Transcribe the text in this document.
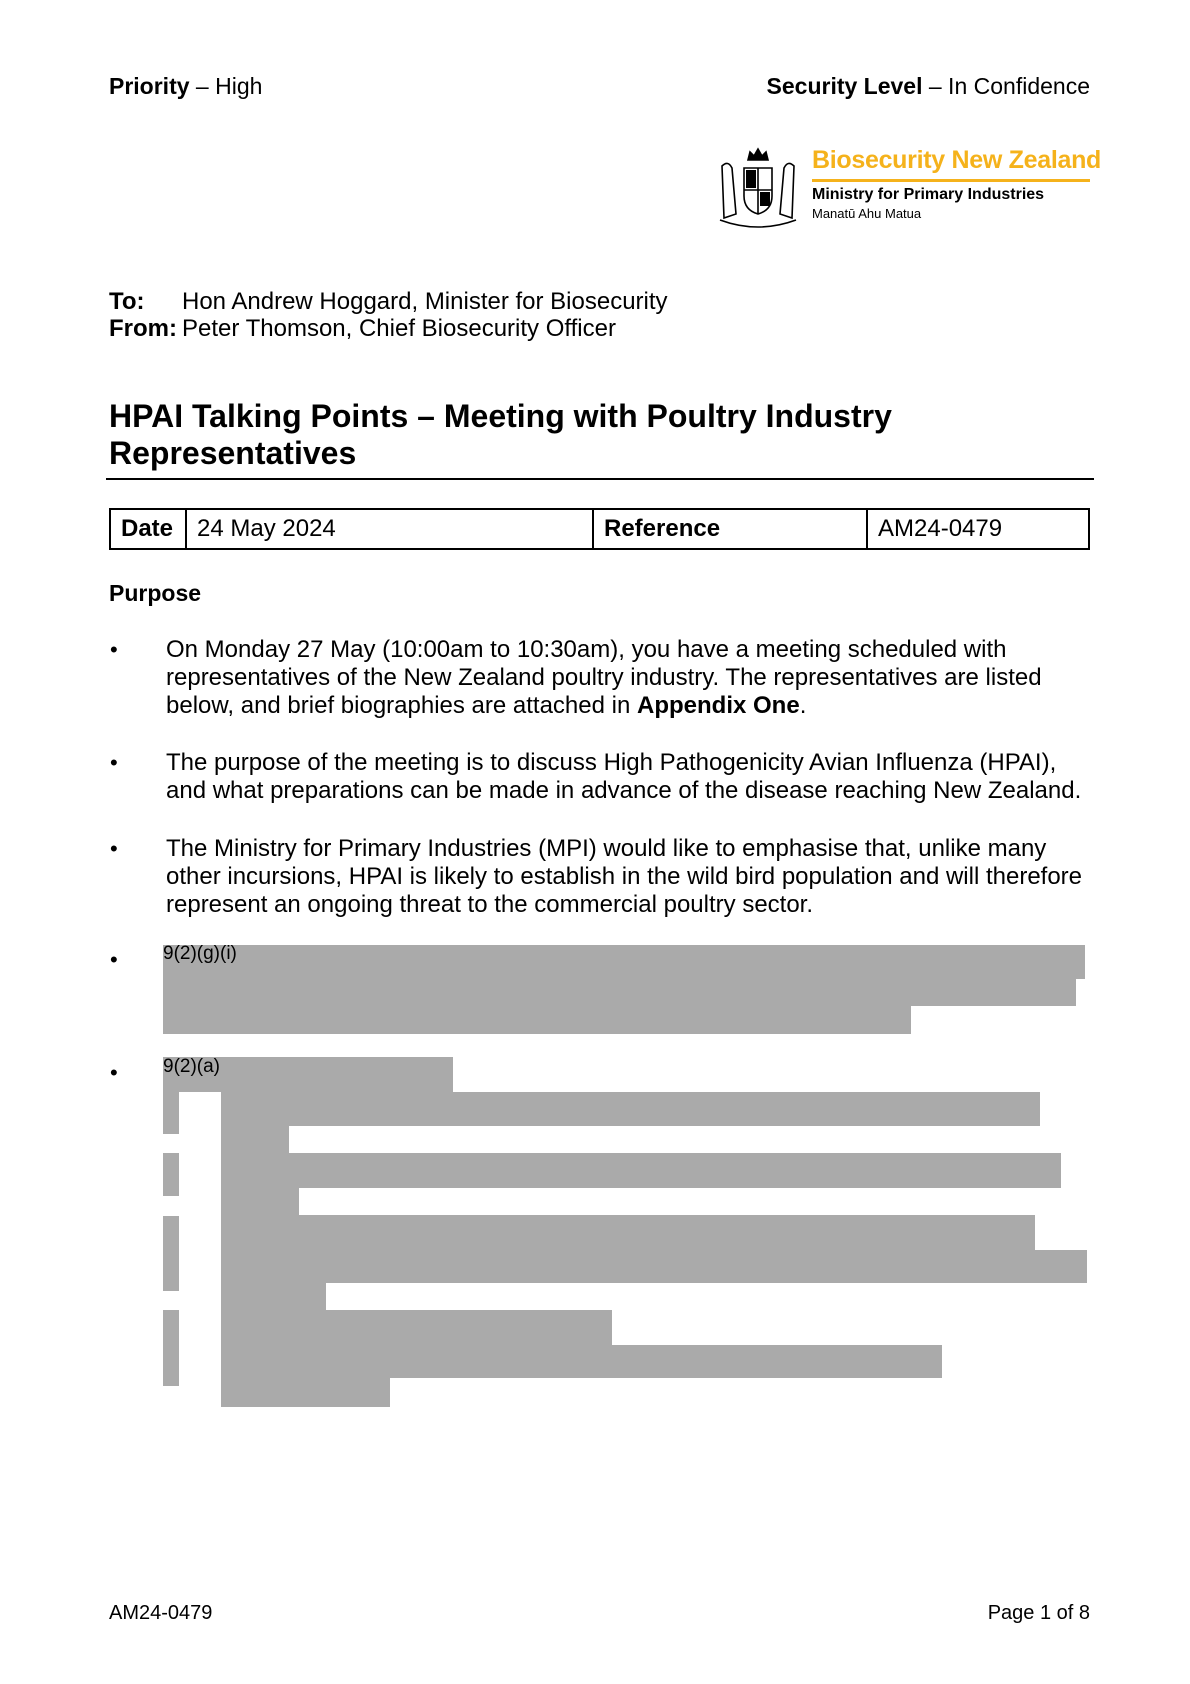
Priority – High	Security Level – In Confidence
Biosecurity New Zealand
Ministry for Primary Industries
Manatū Ahu Matua
To: Hon Andrew Hoggard, Minister for Biosecurity
From: Peter Thomson, Chief Biosecurity Officer
HPAI Talking Points – Meeting with Poultry Industry
Representatives
Date	24 May 2024	Reference	AM24-0479
Purpose
• On Monday 27 May (10:00am to 10:30am), you have a meeting scheduled with
representatives of the New Zealand poultry industry. The representatives are listed
below, and brief biographies are attached in Appendix One.
• The purpose of the meeting is to discuss High Pathogenicity Avian Influenza (HPAI),
and what preparations can be made in advance of the disease reaching New Zealand.
• The Ministry for Primary Industries (MPI) would like to emphasise that, unlike many
other incursions, HPAI is likely to establish in the wild bird population and will therefore
represent an ongoing threat to the commercial poultry sector.
• 9(2)(g)(i)
• 9(2)(a)
AM24-0479	Page 1 of 8
